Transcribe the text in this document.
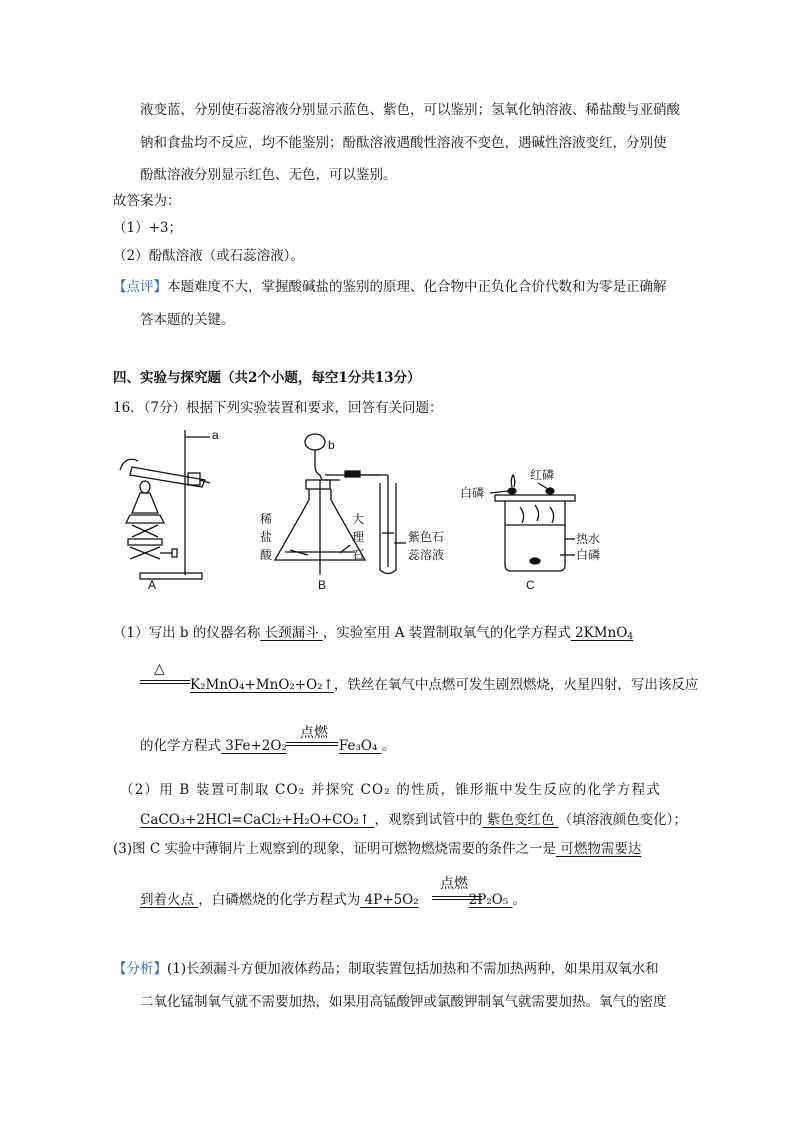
液变蓝，分别使石蕊溶液分别显示蓝色、紫色，可以鉴别；氢氧化钠溶液、稀盐酸与亚硝酸
钠和食盐均不反应，均不能鉴别；酚酞溶液遇酸性溶液不变色，遇碱性溶液变红，分别使
酚酞溶液分别显示红色、无色，可以鉴别。
故答案为：
（1）+3；
（2）酚酞溶液（或石蕊溶液）。
【点评】本题难度不大，掌握酸碱盐的鉴别的原理、化合物中正负化合价代数和为零是正确解
答本题的关键。
四、实验与探究题（共2个小题，每空1分共13分）
16．（7分）根据下列实验装置和要求，回答有关问题：
a
b
A	B	C
稀
盐
酸
大
理
石
紫色石
蕊溶液
红磷
白磷
热水
白磷
（1）写出 b 的仪器名称 长颈漏斗 ，实验室用 A 装置制取氧气的化学方程式 2KMnO$_4$
△
K₂MnO₄+MnO₂+O₂↑，铁丝在氧气中点燃可发生剧烈燃烧，火星四射，写出该反应
点燃
的化学方程式 3Fe+2O₂	Fe₃O₄ 。
（2）用 B 装置可制取 CO₂ 并探究 CO₂ 的性质，锥形瓶中发生反应的化学方程式
CaCO₃+2HCl=CaCl₂+H₂O+CO₂↑ ，观察到试管中的 紫色变红色 （填溶液颜色变化）；
(3)图 C 实验中薄铜片上观察到的现象，证明可燃物燃烧需要的条件之一是 可燃物需要达
点燃
到着火点 ，白磷燃烧的化学方程式为 4P+5O₂	2P₂O₅ 。
【分析】(1)长颈漏斗方便加液体药品；制取装置包括加热和不需加热两种，如果用双氧水和
二氧化锰制氧气就不需要加热，如果用高锰酸钾或氯酸钾制氧气就需要加热。氧气的密度
